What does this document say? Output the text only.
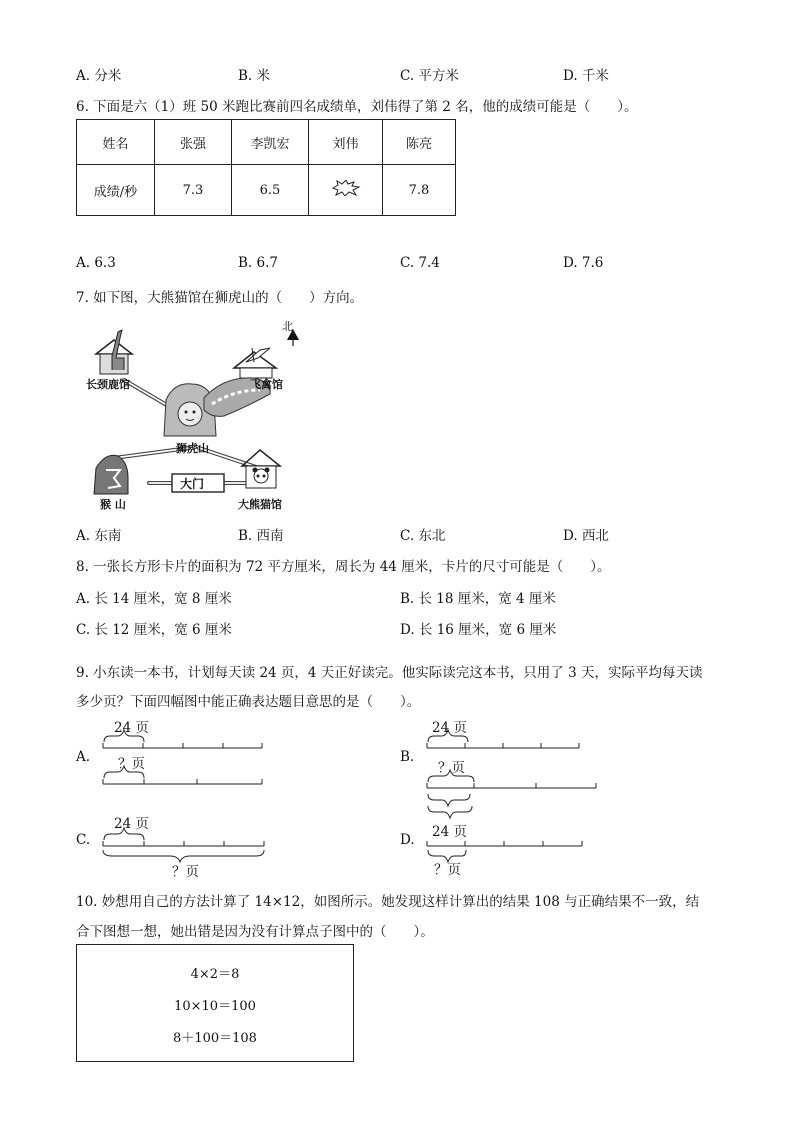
A. 分米	B. 米	C. 平方米	D. 千米
6. 下面是六（1）班 50 米跑比赛前四名成绩单，刘伟得了第 2 名，他的成绩可能是（　　）。
姓名	张强	李凯宏	刘伟	陈亮
成绩/秒	7.3	6.5		7.8
A. 6.3	B. 6.7	C. 7.4	D. 7.6
7. 如下图，大熊猫馆在狮虎山的（　　）方向。
北
长颈鹿馆	飞禽馆
狮虎山
猴 山
大门
大熊猫馆
A. 东南	B. 西南	C. 东北	D. 西北
8. 一张长方形卡片的面积为 72 平方厘米，周长为 44 厘米，卡片的尺寸可能是（　　）。
A. 长 14 厘米，宽 8 厘米	B. 长 18 厘米，宽 4 厘米
C. 长 12 厘米，宽 6 厘米	D. 长 16 厘米，宽 6 厘米
9. 小东读一本书，计划每天读 24 页，4 天正好读完。他实际读完这本书，只用了 3 天，实际平均每天读
多少页？下面四幅图中能正确表达题目意思的是（　　）。
A.
24 页
？页	B.
24 页
？页
C.
24 页
？页
D. 24 页
？页
10. 妙想用自己的方法计算了 14×12，如图所示。她发现这样计算出的结果 108 与正确结果不一致，结
合下图想一想，她出错是因为没有计算点子图中的（　　）。
4×2＝8
10×10＝100
8＋100＝108
